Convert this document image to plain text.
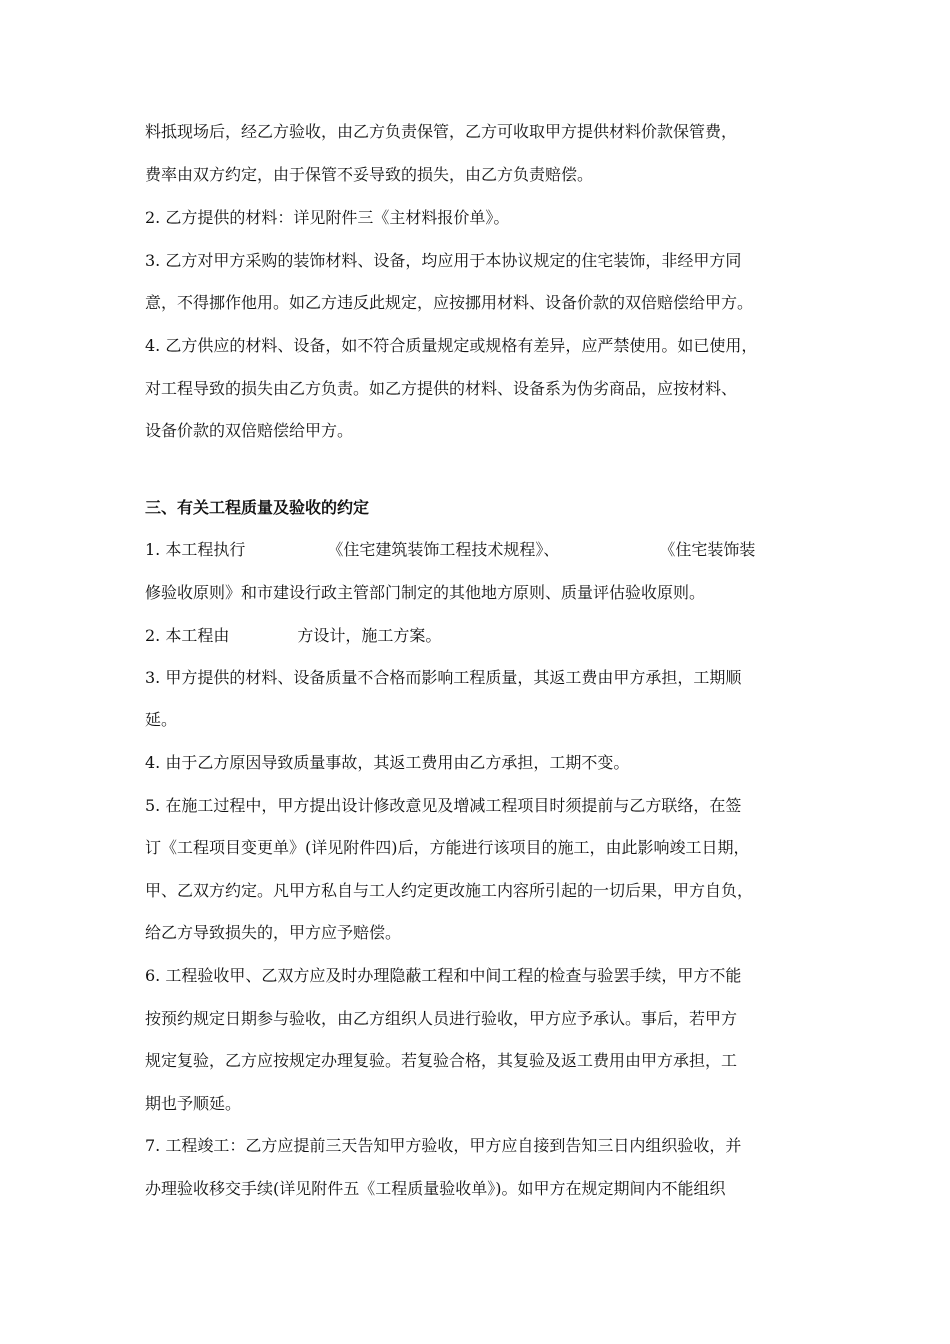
料抵现场后，经乙方验收，由乙方负责保管，乙方可收取甲方提供材料价款保管费，
费率由双方约定，由于保管不妥导致的损失，由乙方负责赔偿。
2. 乙方提供的材料：详见附件三《主材料报价单》。
3. 乙方对甲方采购的装饰材料、设备，均应用于本协议规定的住宅装饰，非经甲方同
意，不得挪作他用。如乙方违反此规定，应按挪用材料、设备价款的双倍赔偿给甲方。
4. 乙方供应的材料、设备，如不符合质量规定或规格有差异，应严禁使用。如已使用，
对工程导致的损失由乙方负责。如乙方提供的材料、设备系为伪劣商品，应按材料、
设备价款的双倍赔偿给甲方。
三、有关工程质量及验收的约定
1. 本工程执行	《住宅建筑装饰工程技术规程》、	《住宅装饰装
修验收原则》和市建设行政主管部门制定的其他地方原则、质量评估验收原则。
2. 本工程由	方设计，施工方案。
3. 甲方提供的材料、设备质量不合格而影响工程质量，其返工费由甲方承担，工期顺
延。
4. 由于乙方原因导致质量事故，其返工费用由乙方承担，工期不变。
5. 在施工过程中，甲方提出设计修改意见及增减工程项目时须提前与乙方联络，在签
订《工程项目变更单》(详见附件四)后，方能进行该项目的施工，由此影响竣工日期，
甲、乙双方约定。凡甲方私自与工人约定更改施工内容所引起的一切后果，甲方自负，
给乙方导致损失的，甲方应予赔偿。
6. 工程验收甲、乙双方应及时办理隐蔽工程和中间工程的检查与验罢手续，甲方不能
按预约规定日期参与验收，由乙方组织人员进行验收，甲方应予承认。事后，若甲方
规定复验，乙方应按规定办理复验。若复验合格，其复验及返工费用由甲方承担，工
期也予顺延。
7. 工程竣工：乙方应提前三天告知甲方验收，甲方应自接到告知三日内组织验收，并
办理验收移交手续(详见附件五《工程质量验收单》)。如甲方在规定期间内不能组织
